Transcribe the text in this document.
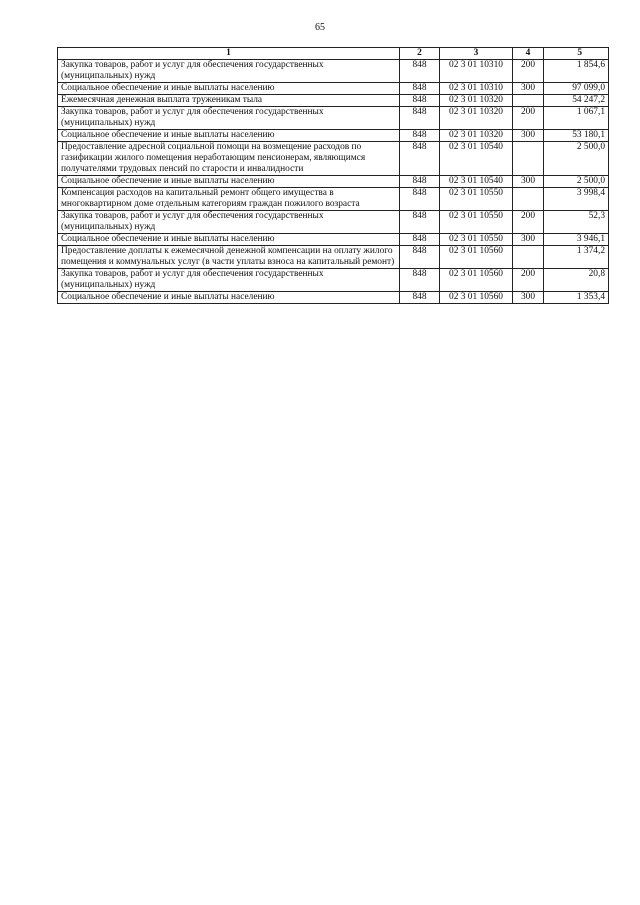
65
1	2	3	4	5
Закупка товаров, работ и услуг для обеспечения государственных (муниципальных) нужд	848	02 3 01 10310	200	1 854,6
Социальное обеспечение и иные выплаты населению	848	02 3 01 10310	300	97 099,0
Ежемесячная денежная выплата труженикам тыла	848	02 3 01 10320		54 247,2
Закупка товаров, работ и услуг для обеспечения государственных (муниципальных) нужд	848	02 3 01 10320	200	1 067,1
Социальное обеспечение и иные выплаты населению	848	02 3 01 10320	300	53 180,1
Предоставление адресной социальной помощи на возмещение расходов по газификации жилого помещения неработающим пенсионерам, являющимся получателями трудовых пенсий по старости и инвалидности	848	02 3 01 10540		2 500,0
Социальное обеспечение и иные выплаты населению	848	02 3 01 10540	300	2 500,0
Компенсация расходов на капитальный ремонт общего имущества в многоквартирном доме отдельным категориям граждан пожилого возраста	848	02 3 01 10550		3 998,4
Закупка товаров, работ и услуг для обеспечения государственных (муниципальных) нужд	848	02 3 01 10550	200	52,3
Социальное обеспечение и иные выплаты населению	848	02 3 01 10550	300	3 946,1
Предоставление доплаты к ежемесячной денежной компенсации на оплату жилого помещения и коммунальных услуг (в части уплаты взноса на капитальный ремонт)	848	02 3 01 10560		1 374,2
Закупка товаров, работ и услуг для обеспечения государственных (муниципальных) нужд	848	02 3 01 10560	200	20,8
Социальное обеспечение и иные выплаты населению	848	02 3 01 10560	300	1 353,4
